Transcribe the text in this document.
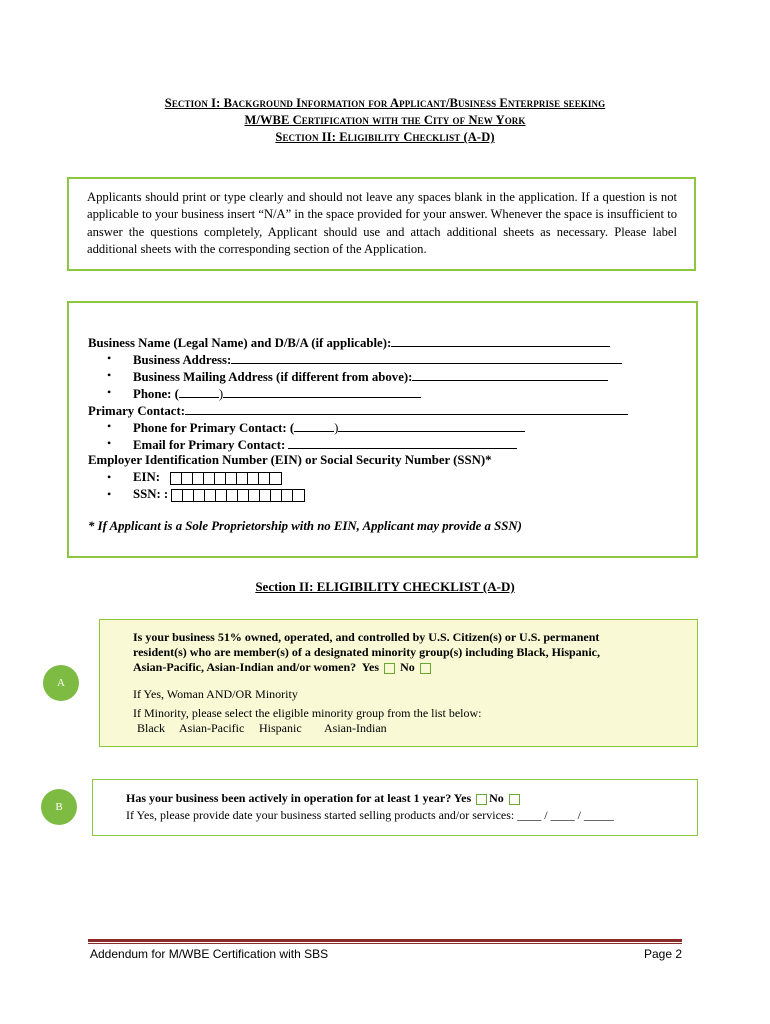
Section I: Background Information for Applicant/Business Enterprise seeking
M/WBE Certification with the City of New York
Section II: Eligibility Checklist (A-D)

Applicants should print or type clearly and should not leave any spaces blank in the application. If a question is not applicable to your business insert “N/A” in the space provided for your answer. Whenever the space is insufficient to answer the questions completely, Applicant should use and attach additional sheets as necessary. Please label additional sheets with the corresponding section of the Application.

Business Name (Legal Name) and D/B/A (if applicable):
• Business Address:
• Business Mailing Address (if different from above):
• Phone: (	)
Primary Contact:
• Phone for Primary Contact: (	)
• Email for Primary Contact:
Employer Identification Number (EIN) or Social Security Number (SSN)*
• EIN:
• SSN: :
* If Applicant is a Sole Proprietorship with no EIN, Applicant may provide a SSN)
Section II: ELIGIBILITY CHECKLIST (A-D)
A
Is your business 51% owned, operated, and controlled by U.S. Citizen(s) or U.S. permanent
resident(s) who are member(s) of a designated minority group(s) including Black, Hispanic,
Asian-Pacific, Asian-Indian and/or women? Yes No
If Yes, Woman AND/OR Minority
If Minority, please select the eligible minority group from the list below:
Black Asian-Pacific Hispanic Asian-Indian
B
Has your business been actively in operation for at least 1 year? Yes No
If Yes, please provide date your business started selling products and/or services: ____ / ____ / _____
Addendum for M/WBE Certification with SBS	Page 2
